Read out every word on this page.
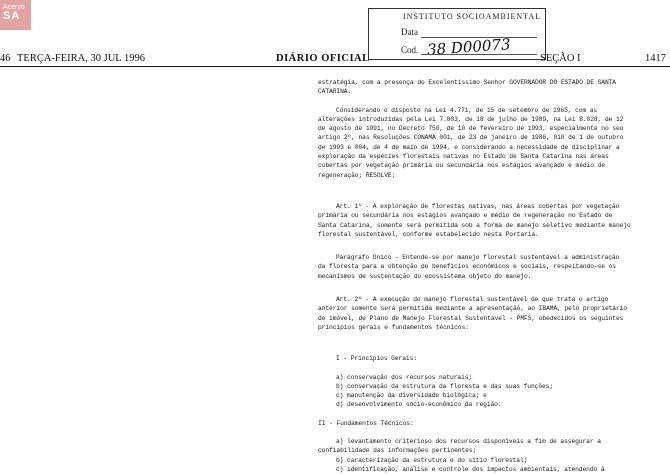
Acervo
SA	INSTITUTO SOCIOAMBIENTAL
Data
Cod. 38 D00073
46 TERÇA-FEIRA, 30 JUL 1996	DIÁRIO OFICIAL	SEÇÃO I	1417

estratégia, com a presença do Excelentíssimo Senhor GOVERNADOR DO ESTADO DE SANTA

CATARINA.

Considerando o disposto na Lei 4.771, de 15 de setembro de 1965, com as

alterações introduzidas pela Lei 7.803, de 18 de julho de 1989, na Lei 8.028, de 12

de agosto de 1991, no Decreto 750, de 10 de fevereiro de 1993, especialmente no seu

artigo 2º, nas Resoluções CONAMA 001, de 23 de janeiro de 1986, 010 de 1 de outubro

de 1993 e 004, de 4 de maio de 1994, e considerando a necessidade de disciplinar a

exploração da espécies florestais nativas no Estado de Santa Catarina nas áreas

cobertas por vegetação primária ou secundária nos estágios avançado e médio de

regeneração; RESOLVE:

Art. 1º - A exploração de florestas nativas, nas áreas cobertas por vegetação

primária ou secundária nos estágios avançado e médio de regeneração no Estado de

Santa Catarina, somente será permitida sob a forma de manejo seletivo mediante manejo

florestal sustentável, conforme estabelecido nesta Portaria.

Parágrafo Único - Entende-se por manejo florestal sustentável a administração

da floresta para a obtenção de benefícios econômicos e sociais, respeitando-se os

mecanismos de sustentação do ecossistema objeto do manejo.

Art. 2º - A execução do manejo florestal sustentável de que trata o artigo

anterior somente será permitida mediante a apresentação, ao IBAMA, pelo proprietário

do imóvel, de Plano de Manejo Florestal Sustentável - PMFS, obedecidos os seguintes

princípios gerais e fundamentos técnicos:

I - Princípios Gerais:

a) conservação dos recursos naturais;

b) conservação da estrutura da floresta e das suas funções;

c) manutenção da diversidade biológica; e

d) desenvolvimento sócio-econômico da região.

II - Fundamentos Técnicos:

a) levantamento criterioso dos recursos disponíveis a fim de assegurar a

confiabilidade das informações pertinentes;

b) caracterização da estrutura e do sítio florestal;

c) identificação, análise e controle dos impactos ambientais, atendendo à
